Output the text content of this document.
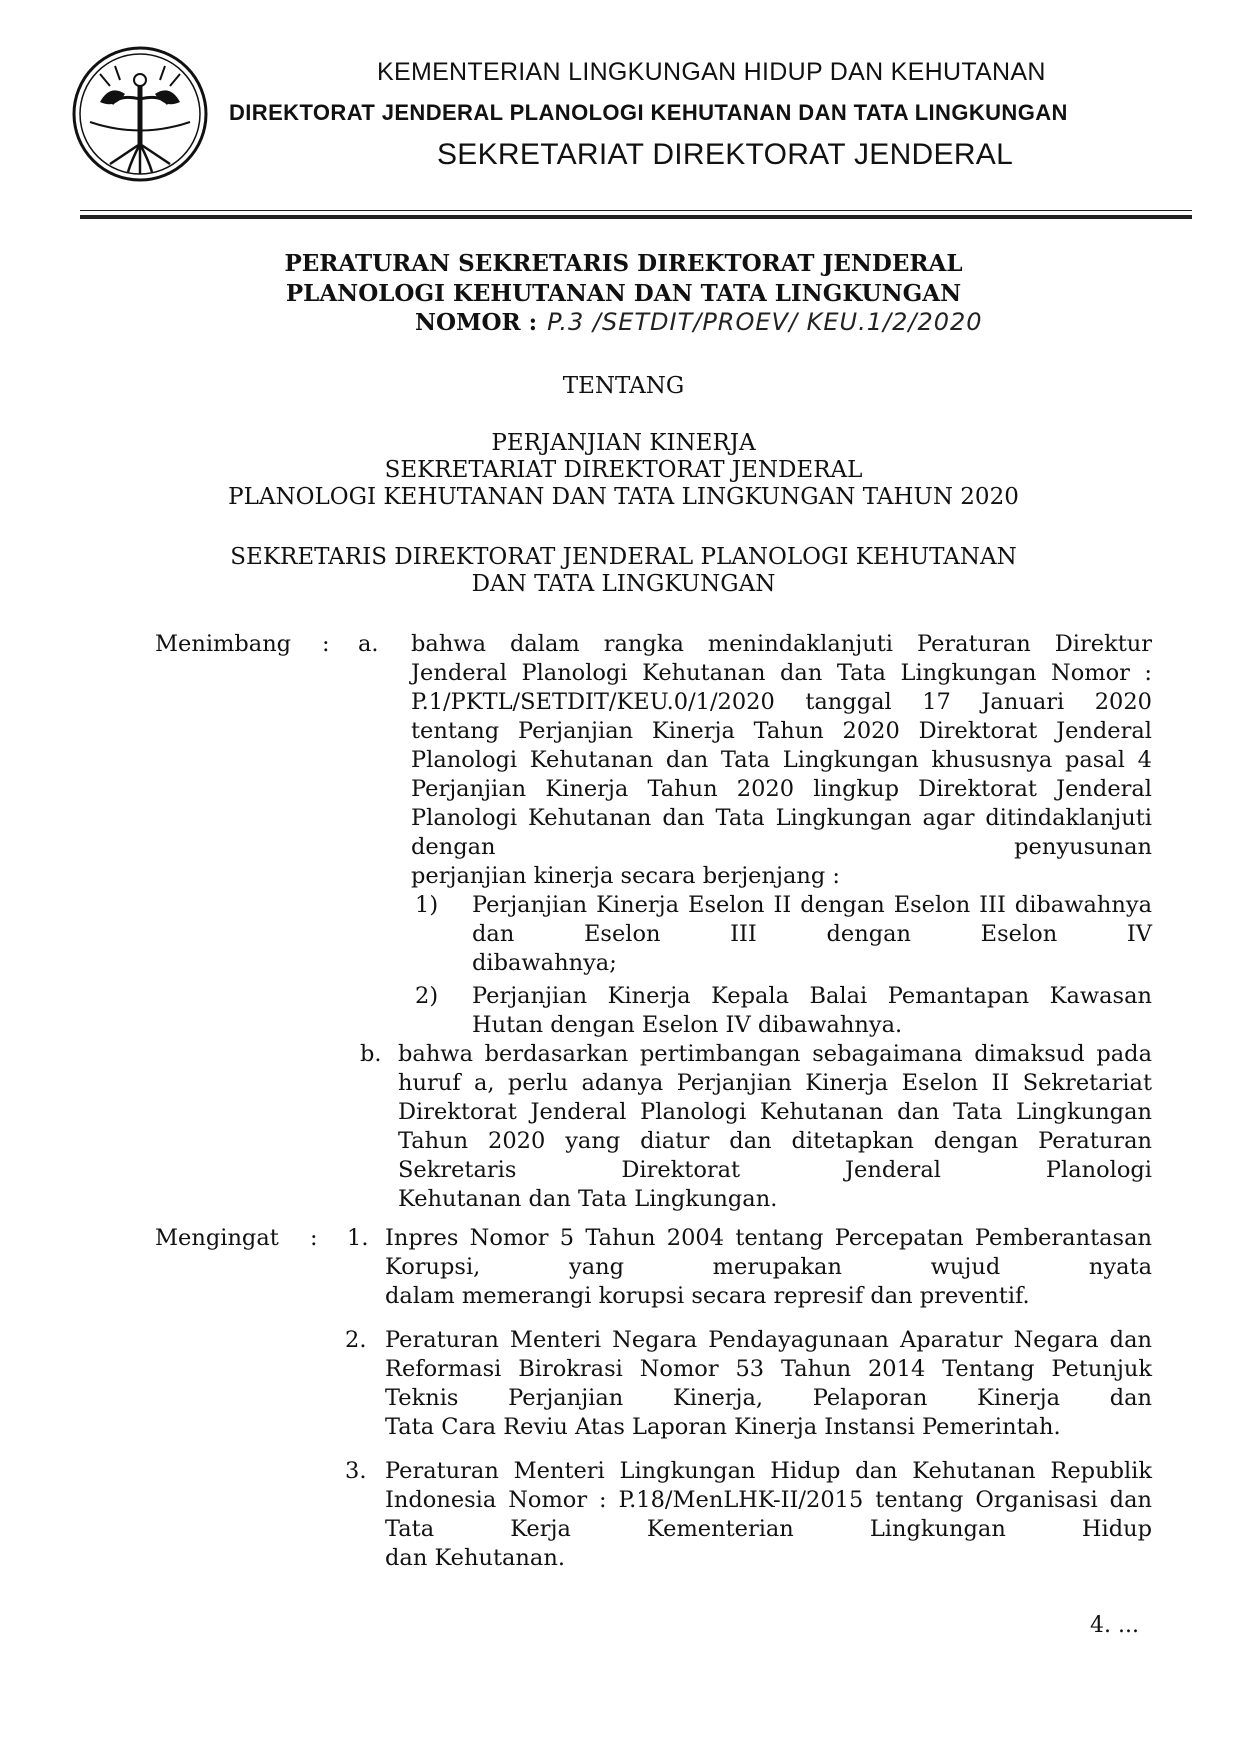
KEMENTERIAN LINGKUNGAN HIDUP DAN KEHUTANAN
DIREKTORAT JENDERAL PLANOLOGI KEHUTANAN DAN TATA LINGKUNGAN
SEKRETARIAT DIREKTORAT JENDERAL
PERATURAN SEKRETARIS DIREKTORAT JENDERAL
PLANOLOGI KEHUTANAN DAN TATA LINGKUNGAN
NOMOR : P.3 /SETDIT/PROEV/ KEU.1/2/2020
TENTANG
PERJANJIAN KINERJA
SEKRETARIAT DIREKTORAT JENDERAL
PLANOLOGI KEHUTANAN DAN TATA LINGKUNGAN TAHUN 2020
SEKRETARIS DIREKTORAT JENDERAL PLANOLOGI KEHUTANAN
DAN TATA LINGKUNGAN
Menimbang : a. bahwa dalam rangka menindaklanjuti Peraturan Direktur Jenderal Planologi Kehutanan dan Tata Lingkungan Nomor : P.1/PKTL/SETDIT/KEU.0/1/2020 tanggal 17 Januari 2020 tentang Perjanjian Kinerja Tahun 2020 Direktorat Jenderal Planologi Kehutanan dan Tata Lingkungan khususnya pasal 4 Perjanjian Kinerja Tahun 2020 lingkup Direktorat Jenderal Planologi Kehutanan dan Tata Lingkungan agar ditindaklanjuti dengan penyusunan
perjanjian kinerja secara berjenjang :
1) Perjanjian Kinerja Eselon II dengan Eselon III dibawahnya dan Eselon III dengan Eselon IV
dibawahnya;
2) Perjanjian Kinerja Kepala Balai Pemantapan Kawasan
Hutan dengan Eselon IV dibawahnya.
b. bahwa berdasarkan pertimbangan sebagaimana dimaksud pada huruf a, perlu adanya Perjanjian Kinerja Eselon II Sekretariat Direktorat Jenderal Planologi Kehutanan dan Tata Lingkungan Tahun 2020 yang diatur dan ditetapkan dengan Peraturan Sekretaris Direktorat Jenderal Planologi
Kehutanan dan Tata Lingkungan.
Mengingat : 1. Inpres Nomor 5 Tahun 2004 tentang Percepatan Pemberantasan Korupsi, yang merupakan wujud nyata
dalam memerangi korupsi secara represif dan preventif.
2. Peraturan Menteri Negara Pendayagunaan Aparatur Negara dan Reformasi Birokrasi Nomor 53 Tahun 2014 Tentang Petunjuk Teknis Perjanjian Kinerja, Pelaporan Kinerja dan
Tata Cara Reviu Atas Laporan Kinerja Instansi Pemerintah.
3. Peraturan Menteri Lingkungan Hidup dan Kehutanan Republik Indonesia Nomor : P.18/MenLHK-II/2015 tentang Organisasi dan Tata Kerja Kementerian Lingkungan Hidup
dan Kehutanan.
4. ...
